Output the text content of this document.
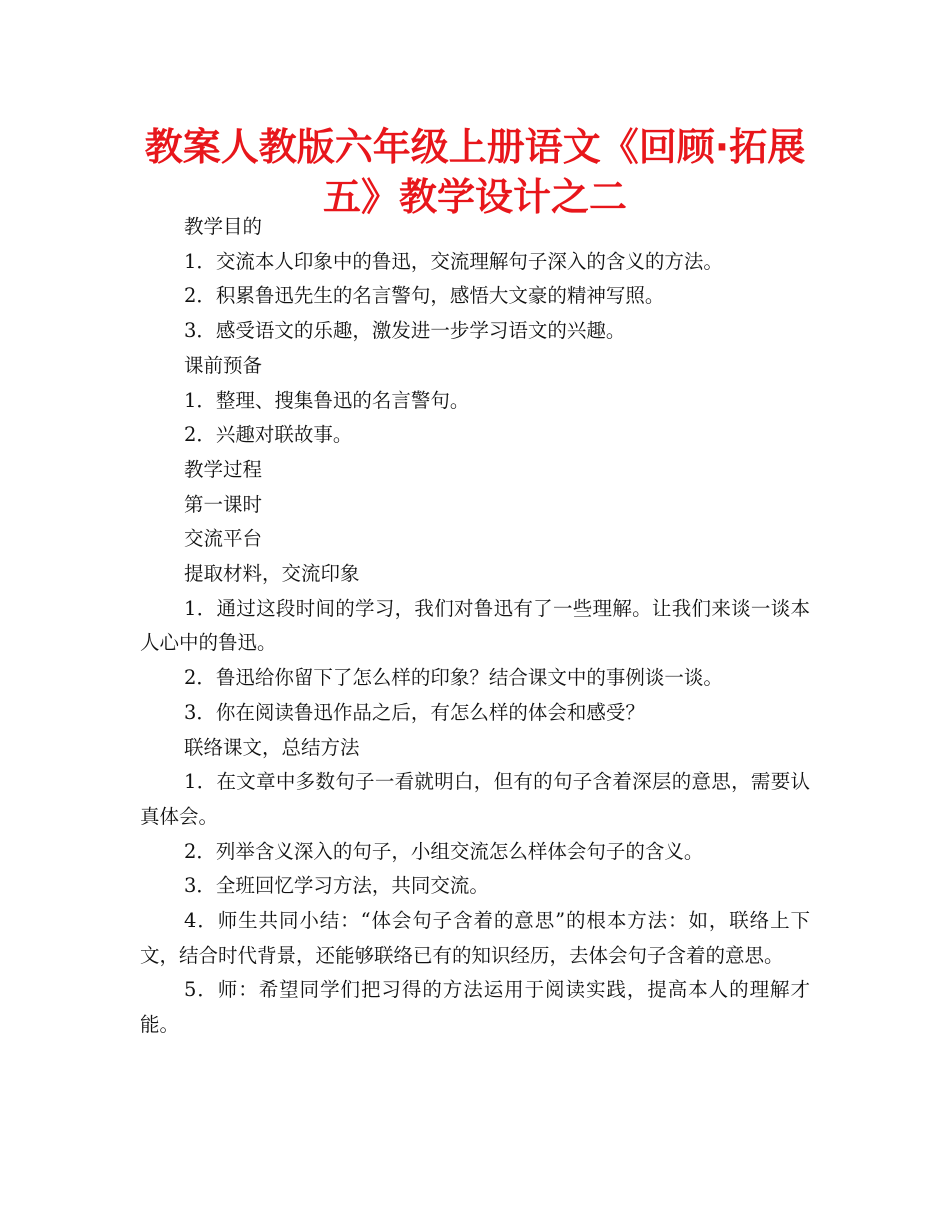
教案人教版六年级上册语文《回顾·拓展
五》教学设计之二

教学目的

1．交流本人印象中的鲁迅，交流理解句子深入的含义的方法。

2．积累鲁迅先生的名言警句，感悟大文豪的精神写照。

3．感受语文的乐趣，激发进一步学习语文的兴趣。

课前预备

1．整理、搜集鲁迅的名言警句。

2．兴趣对联故事。

教学过程

第一课时

交流平台

提取材料，交流印象

1．通过这段时间的学习，我们对鲁迅有了一些理解。让我们来谈一谈本人心中的鲁迅。

2．鲁迅给你留下了怎么样的印象？结合课文中的事例谈一谈。

3．你在阅读鲁迅作品之后，有怎么样的体会和感受？

联络课文，总结方法

1．在文章中多数句子一看就明白，但有的句子含着深层的意思，需要认真体会。

2．列举含义深入的句子，小组交流怎么样体会句子的含义。

3．全班回忆学习方法，共同交流。

4．师生共同小结：“体会句子含着的意思”的根本方法：如，联络上下文，结合时代背景，还能够联络已有的知识经历，去体会句子含着的意思。

5．师：希望同学们把习得的方法运用于阅读实践，提高本人的理解才能。
